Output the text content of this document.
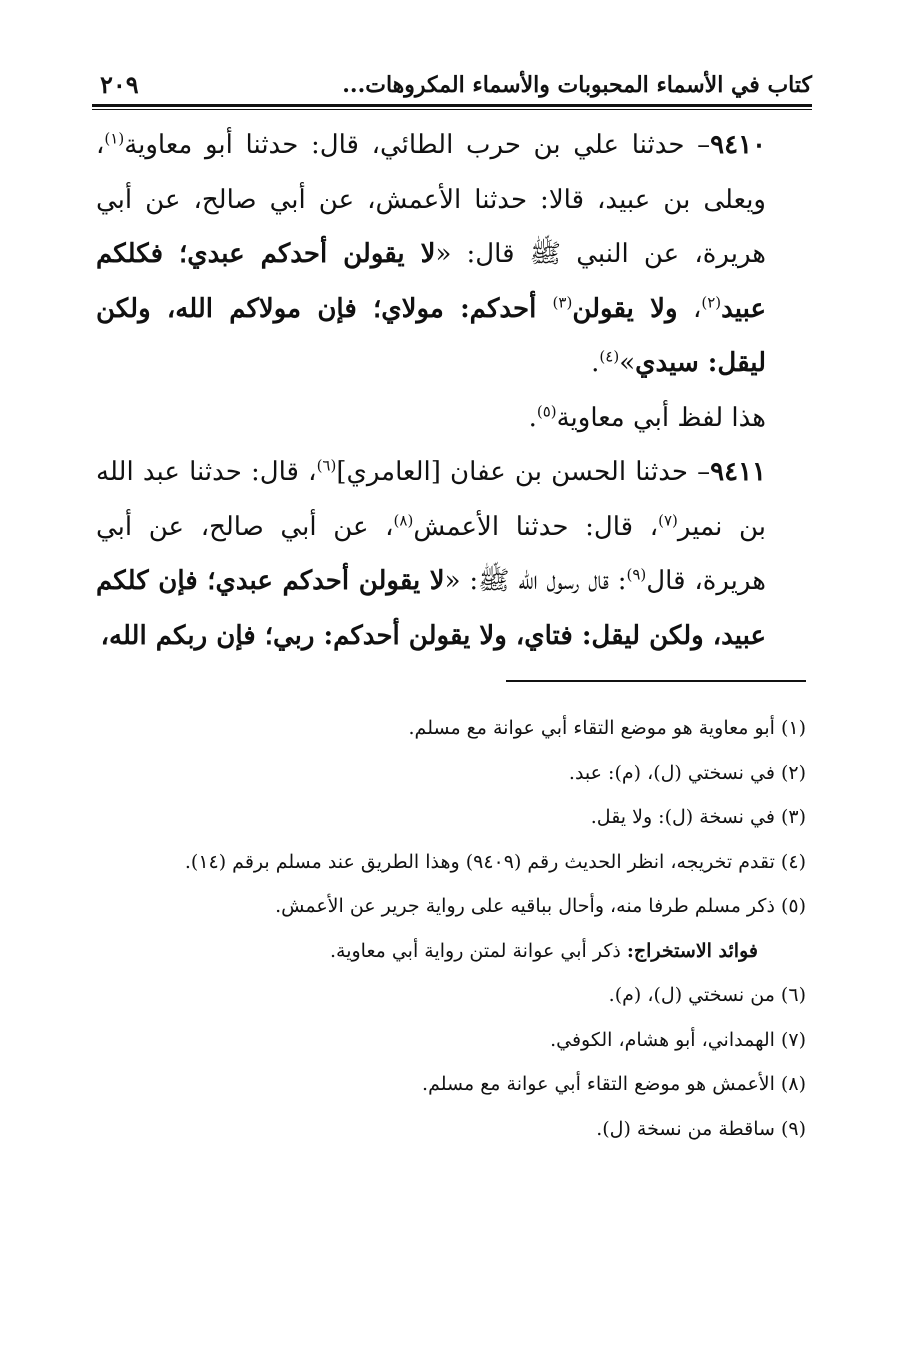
كتاب في الأسماء المحبوبات والأسماء المكروهات...
٢٠٩

٩٤١٠– حدثنا علي بن حرب الطائي، قال: حدثنا أبو معاوية$^{(١)}$، ويعلى بن عبيد، قالا: حدثنا الأعمش، عن أبي صالح، عن أبي هريرة، عن النبي ﷺ قال: «لا يقولن أحدكم عبدي؛ فكلكم عبيد$^{(٢)}$، ولا يقولن$^{(٣)}$ أحدكم: مولاي؛ فإن مولاكم الله، ولكن ليقل: سيدي»$^{(٤)}$.

هذا لفظ أبي معاوية$^{(٥)}$.

٩٤١١– حدثنا الحسن بن عفان [العامري]$^{(٦)}$، قال: حدثنا عبد الله بن نمير$^{(٧)}$، قال: حدثنا الأعمش$^{(٨)}$، عن أبي صالح، عن أبي هريرة، قال$^{(٩)}$: قال رسول الله ﷺ: «لا يقولن أحدكم عبدي؛ فإن كلكم عبيد، ولكن ليقل: فتاي، ولا يقولن أحدكم: ربي؛ فإن ربكم الله،

(١) أبو معاوية هو موضع التقاء أبي عوانة مع مسلم.

(٢) في نسختي (ل)، (م): عبد.

(٣) في نسخة (ل): ولا يقل.

(٤) تقدم تخريجه، انظر الحديث رقم (٩٤٠٩) وهذا الطريق عند مسلم برقم (١٤).

(٥) ذكر مسلم طرفا منه، وأحال بباقيه على رواية جرير عن الأعمش.

فوائد الاستخراج: ذكر أبي عوانة لمتن رواية أبي معاوية.

(٦) من نسختي (ل)، (م).

(٧) الهمداني، أبو هشام، الكوفي.

(٨) الأعمش هو موضع التقاء أبي عوانة مع مسلم.

(٩) ساقطة من نسخة (ل).
